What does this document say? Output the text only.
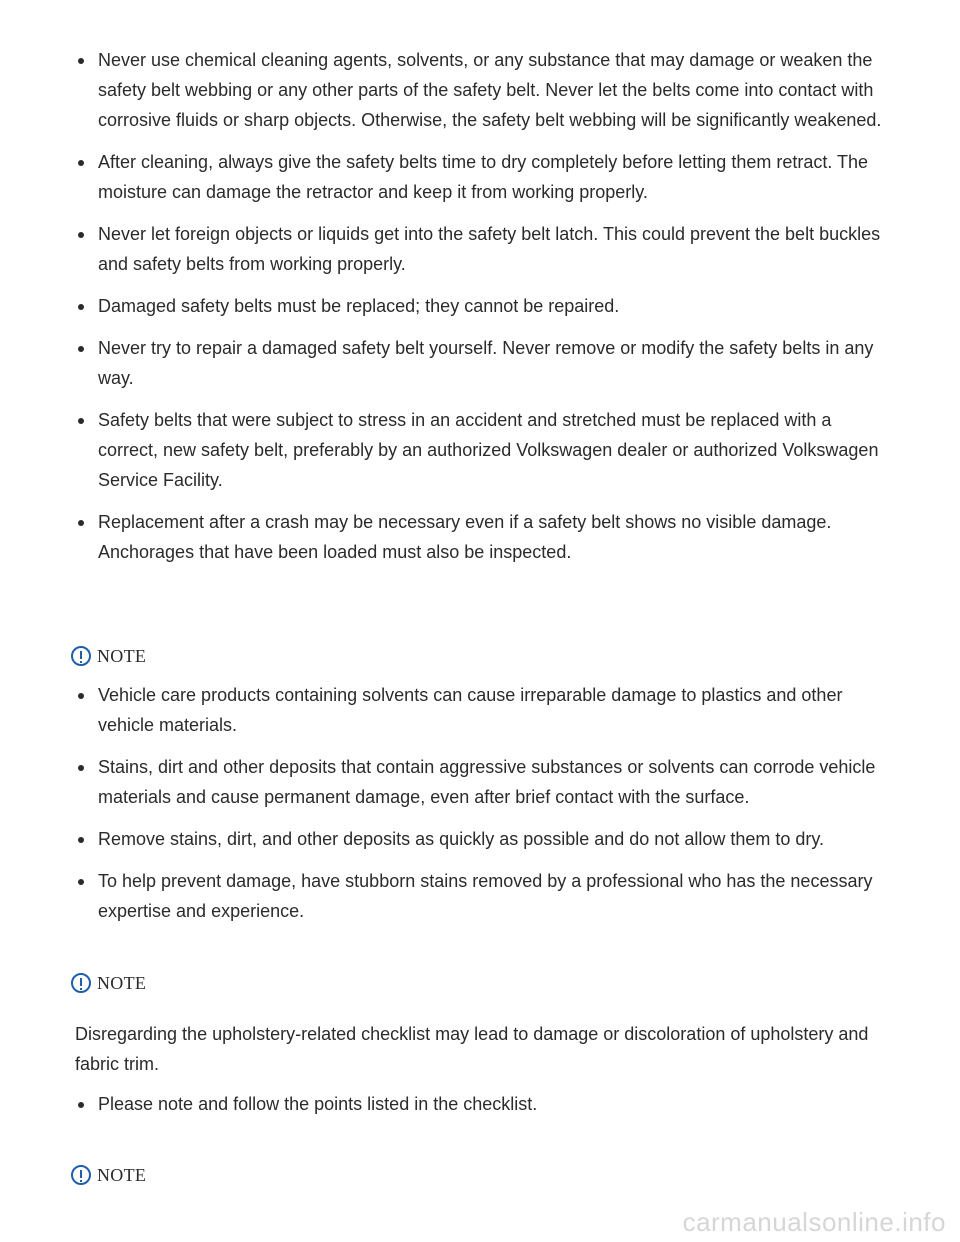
Never use chemical cleaning agents, solvents, or any substance that may damage or weaken the safety belt webbing or any other parts of the safety belt. Never let the belts come into contact with corrosive fluids or sharp objects. Otherwise, the safety belt webbing will be significantly weakened.
After cleaning, always give the safety belts time to dry completely before letting them retract. The moisture can damage the retractor and keep it from working properly.
Never let foreign objects or liquids get into the safety belt latch. This could prevent the belt buckles and safety belts from working properly.
Damaged safety belts must be replaced; they cannot be repaired.
Never try to repair a damaged safety belt yourself. Never remove or modify the safety belts in any way.
Safety belts that were subject to stress in an accident and stretched must be replaced with a correct, new safety belt, preferably by an authorized Volkswagen dealer or authorized Volkswagen Service Facility.
Replacement after a crash may be necessary even if a safety belt shows no visible damage. Anchorages that have been loaded must also be inspected.
NOTE
Vehicle care products containing solvents can cause irreparable damage to plastics and other vehicle materials.
Stains, dirt and other deposits that contain aggressive substances or solvents can corrode vehicle materials and cause permanent damage, even after brief contact with the surface.
Remove stains, dirt, and other deposits as quickly as possible and do not allow them to dry.
To help prevent damage, have stubborn stains removed by a professional who has the necessary expertise and experience.
NOTE

Disregarding the upholstery-related checklist may lead to damage or discoloration of upholstery and fabric trim.

Please note and follow the points listed in the checklist.
NOTE
carmanualsonline.info
